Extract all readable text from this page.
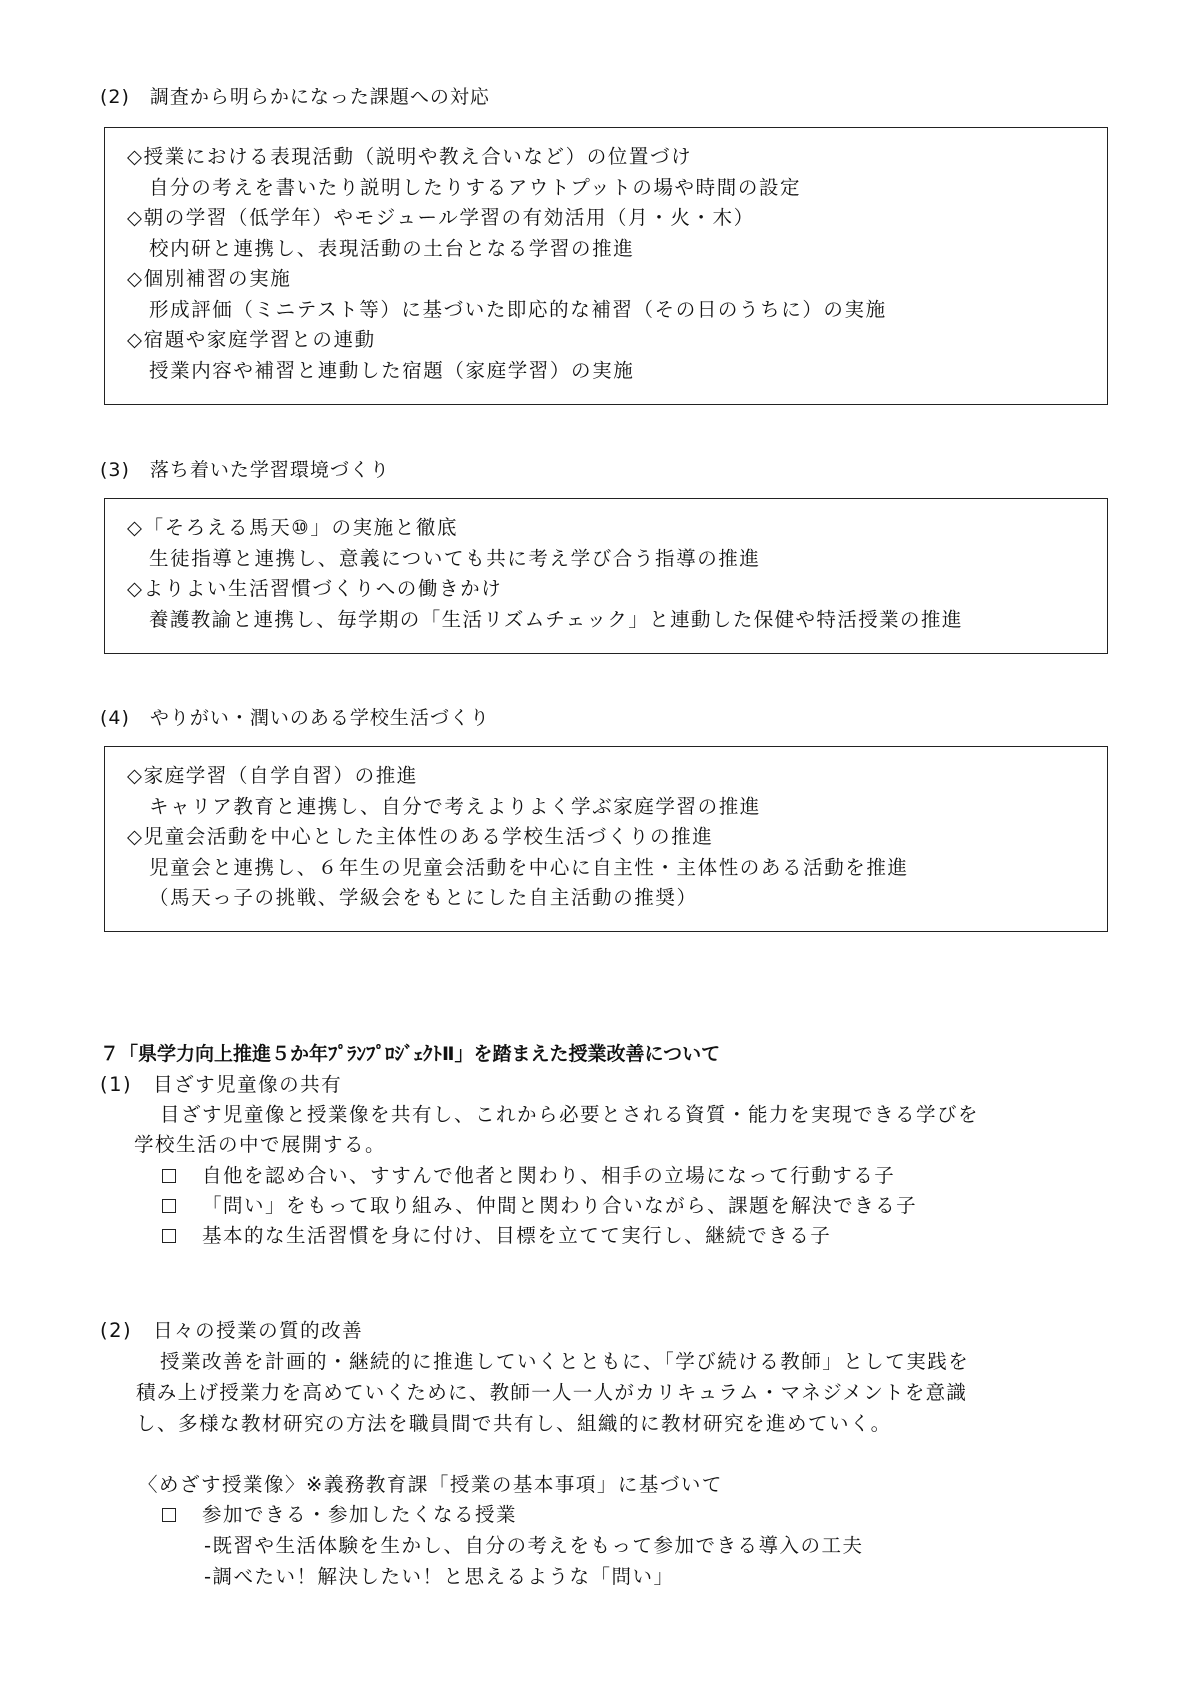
(2)　調査から明らかになった課題への対応
◇授業における表現活動（説明や教え合いなど）の位置づけ
自分の考えを書いたり説明したりするアウトプットの場や時間の設定
◇朝の学習（低学年）やモジュール学習の有効活用（月・火・木）
校内研と連携し、表現活動の土台となる学習の推進
◇個別補習の実施
形成評価（ミニテスト等）に基づいた即応的な補習（その日のうちに）の実施
◇宿題や家庭学習との連動
授業内容や補習と連動した宿題（家庭学習）の実施
(3)　落ち着いた学習環境づくり
◇「そろえる馬天⑩」の実施と徹底
生徒指導と連携し、意義についても共に考え学び合う指導の推進
◇よりよい生活習慣づくりへの働きかけ
養護教諭と連携し、毎学期の「生活リズムチェック」と連動した保健や特活授業の推進
(4)　やりがい・潤いのある学校生活づくり
◇家庭学習（自学自習）の推進
キャリア教育と連携し、自分で考えよりよく学ぶ家庭学習の推進
◇児童会活動を中心とした主体性のある学校生活づくりの推進
児童会と連携し、６年生の児童会活動を中心に自主性・主体性のある活動を推進
（馬天っ子の挑戦、学級会をもとにした自主活動の推奨）
７「県学力向上推進５か年ﾌﾟﾗﾝﾌﾟﾛｼﾞｪｸﾄⅡ」を踏まえた授業改善について
(1)　目ざす児童像の共有
目ざす児童像と授業像を共有し、これから必要とされる資質・能力を実現できる学びを
学校生活の中で展開する。
自他を認め合い、すすんで他者と関わり、相手の立場になって行動する子
「問い」をもって取り組み、仲間と関わり合いながら、課題を解決できる子
基本的な生活習慣を身に付け、目標を立てて実行し、継続できる子
(2)　日々の授業の質的改善
授業改善を計画的・継続的に推進していくとともに、「学び続ける教師」として実践を
積み上げ授業力を高めていくために、教師一人一人がカリキュラム・マネジメントを意識
し、多様な教材研究の方法を職員間で共有し、組織的に教材研究を進めていく。
〈めざす授業像〉※義務教育課「授業の基本事項」に基づいて
参加できる・参加したくなる授業
-既習や生活体験を生かし、自分の考えをもって参加できる導入の工夫
-調べたい！解決したい！と思えるような「問い」
